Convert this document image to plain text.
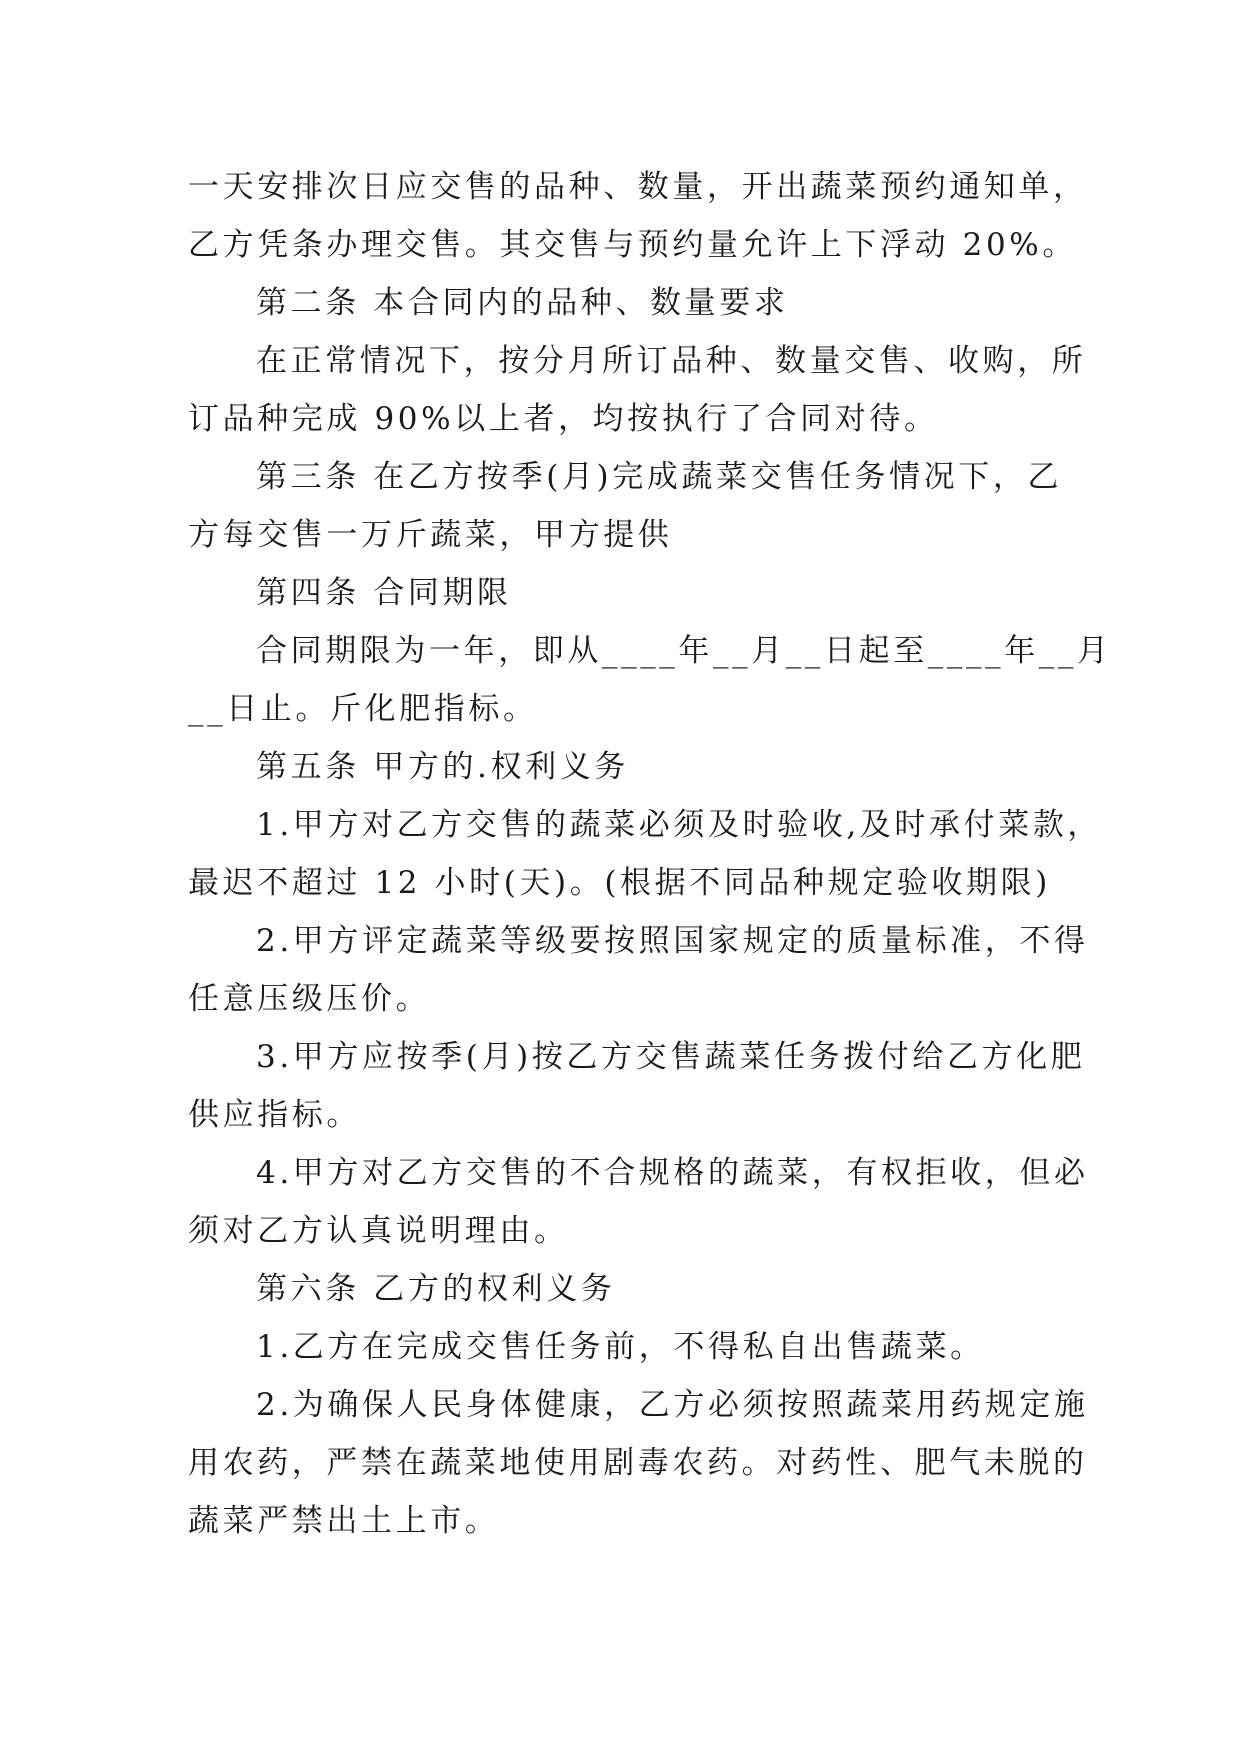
一天安排次日应交售的品种、数量，开出蔬菜预约通知单，
乙方凭条办理交售。其交售与预约量允许上下浮动 20%。
第二条 本合同内的品种、数量要求
在正常情况下，按分月所订品种、数量交售、收购，所
订品种完成 90%以上者，均按执行了合同对待。
第三条 在乙方按季(月)完成蔬菜交售任务情况下，乙
方每交售一万斤蔬菜，甲方提供
第四条 合同期限
合同期限为一年，即从____年__月__日起至____年__月
__日止。斤化肥指标。
第五条 甲方的.权利义务
1.甲方对乙方交售的蔬菜必须及时验收,及时承付菜款，
最迟不超过 12 小时(天)。(根据不同品种规定验收期限)
2.甲方评定蔬菜等级要按照国家规定的质量标准，不得
任意压级压价。
3.甲方应按季(月)按乙方交售蔬菜任务拨付给乙方化肥
供应指标。
4.甲方对乙方交售的不合规格的蔬菜，有权拒收，但必
须对乙方认真说明理由。
第六条 乙方的权利义务
1.乙方在完成交售任务前，不得私自出售蔬菜。
2.为确保人民身体健康，乙方必须按照蔬菜用药规定施
用农药，严禁在蔬菜地使用剧毒农药。对药性、肥气未脱的
蔬菜严禁出土上市。
